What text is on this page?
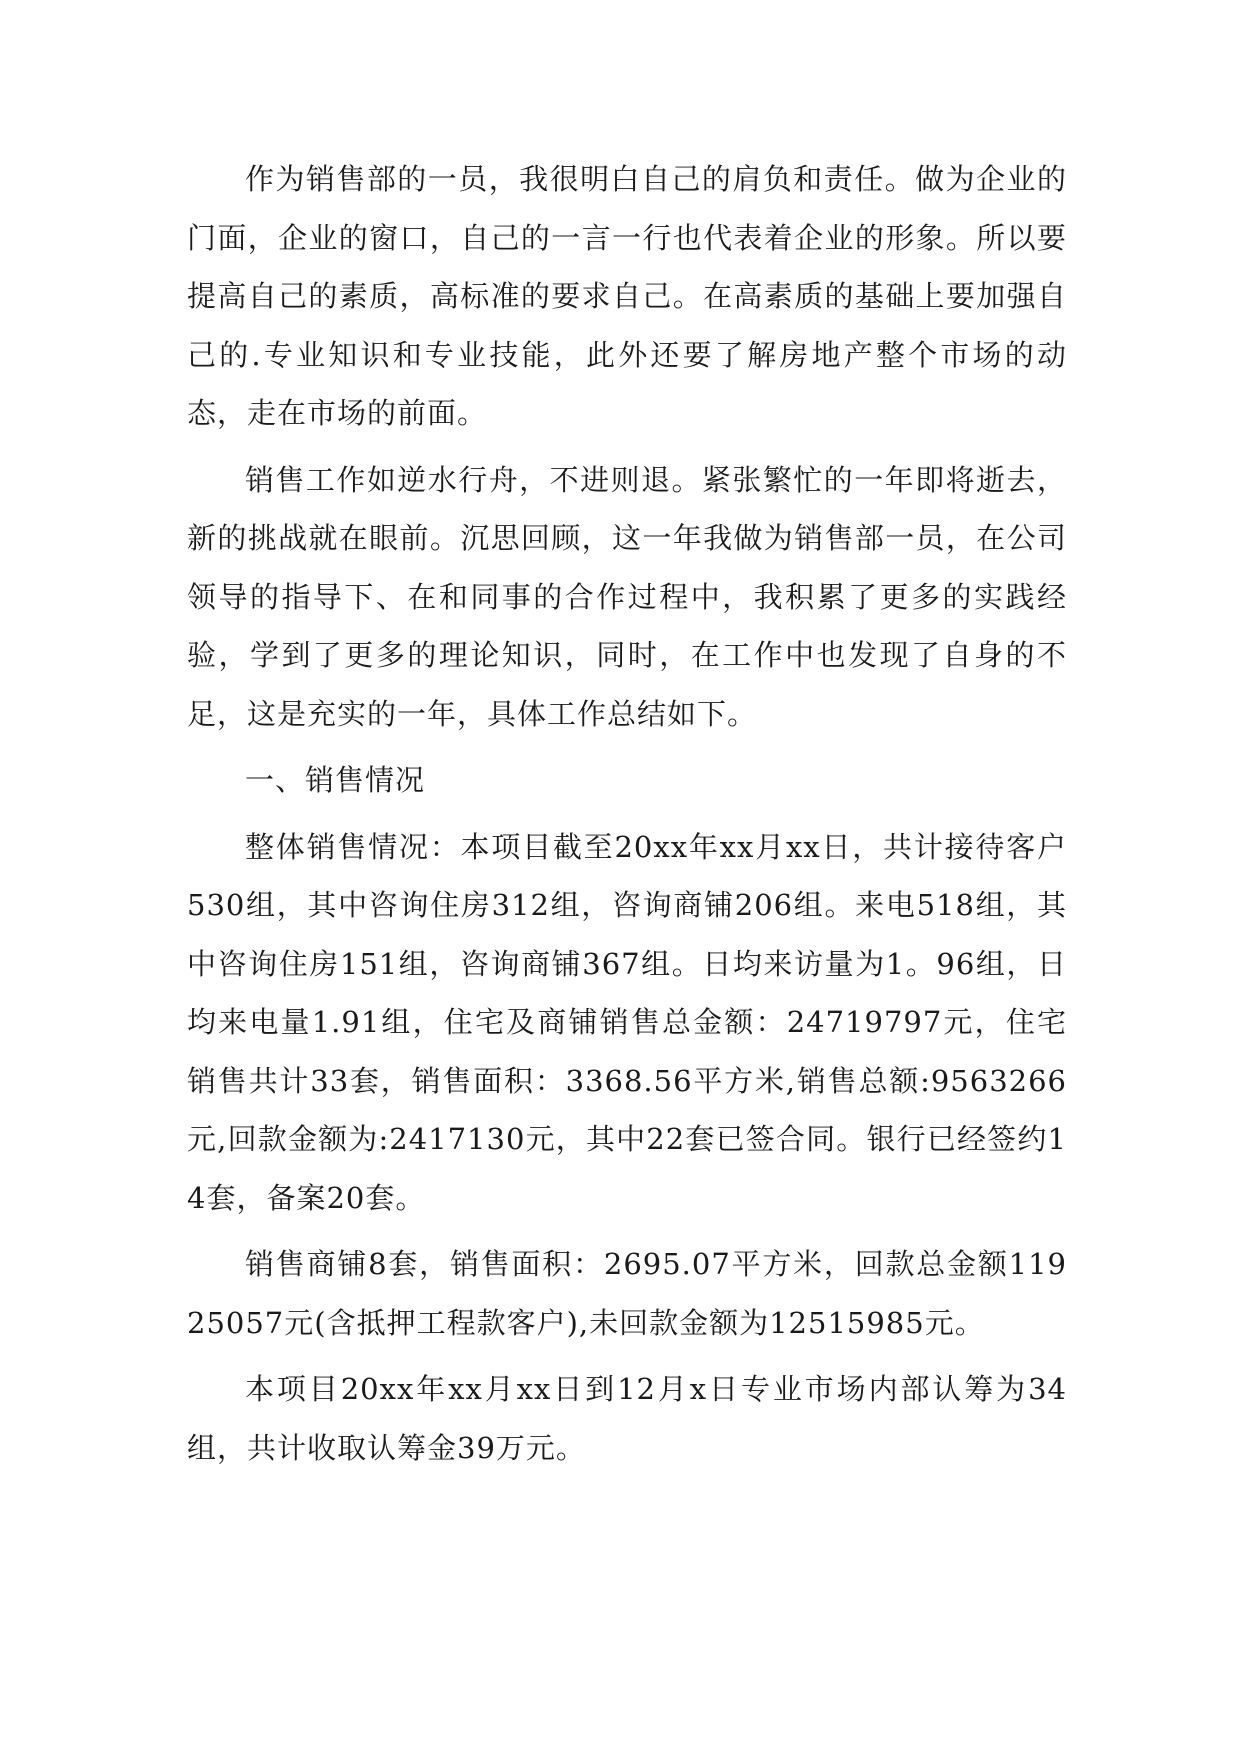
作为销售部的一员，我很明白自己的肩负和责任。做为企业的门面，企业的窗口，自己的一言一行也代表着企业的形象。所以要提高自己的素质，高标准的要求自己。在高素质的基础上要加强自己的.专业知识和专业技能，此外还要了解房地产整个市场的动态，走在市场的前面。

销售工作如逆水行舟，不进则退。紧张繁忙的一年即将逝去，新的挑战就在眼前。沉思回顾，这一年我做为销售部一员，在公司领导的指导下、在和同事的合作过程中，我积累了更多的实践经验，学到了更多的理论知识，同时，在工作中也发现了自身的不足，这是充实的一年，具体工作总结如下。

一、销售情况

整体销售情况：本项目截至20xx年xx月xx日，共计接待客户530组，其中咨询住房312组，咨询商铺206组。来电518组，其中咨询住房151组，咨询商铺367组。日均来访量为1。96组，日均来电量1.91组，住宅及商铺销售总金额：24719797元，住宅销售共计33套，销售面积：3368.56平方米,销售总额:9563266元,回款金额为:2417130元，其中22套已签合同。银行已经签约14套，备案20套。

销售商铺8套，销售面积：2695.07平方米，回款总金额11925057元(含抵押工程款客户),未回款金额为12515985元。

本项目20xx年xx月xx日到12月x日专业市场内部认筹为34组，共计收取认筹金39万元。
